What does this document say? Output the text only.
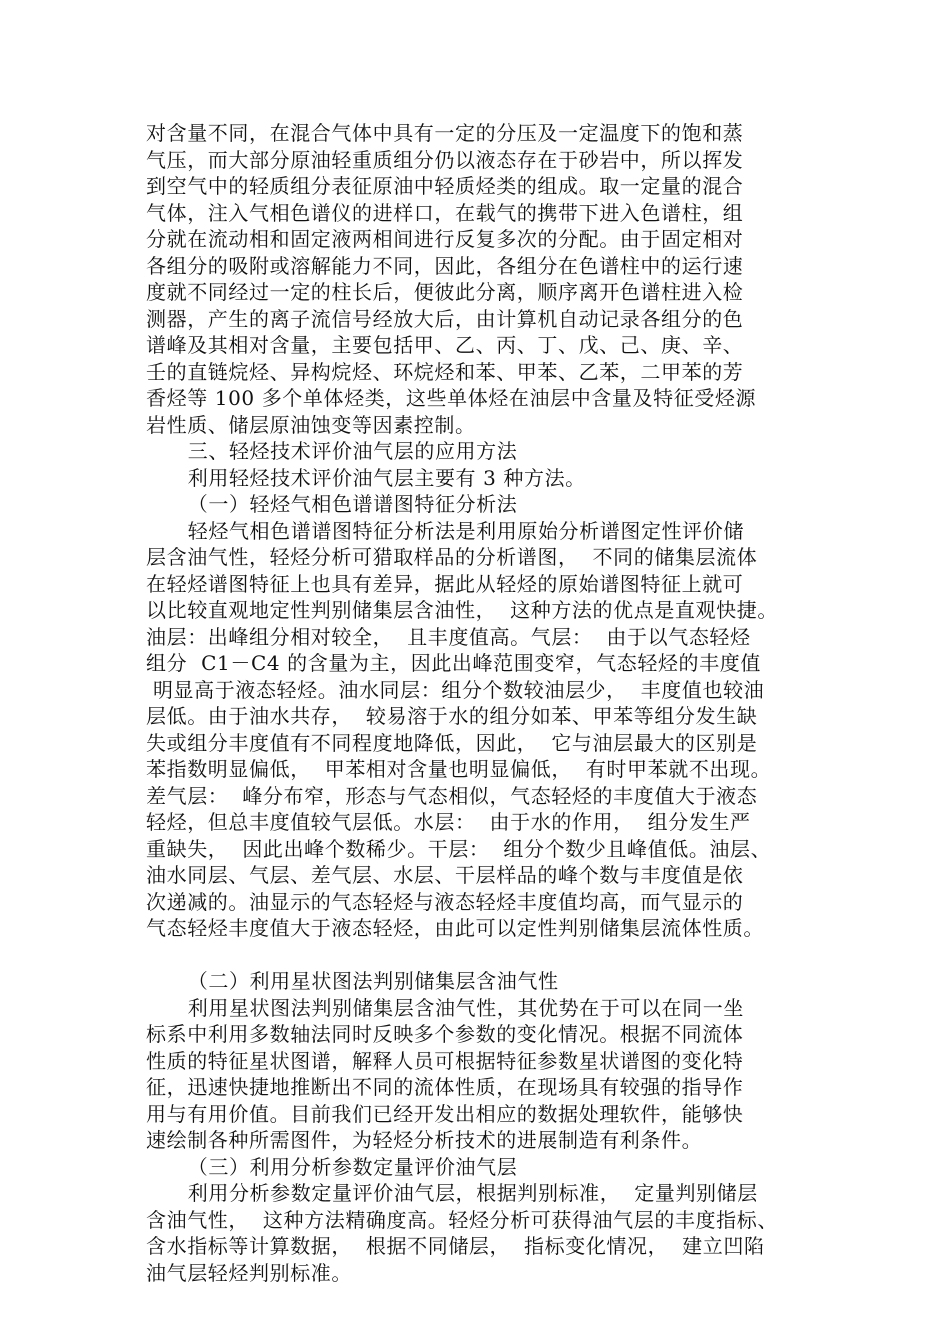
对含量不同，在混合气体中具有一定的分压及一定温度下的饱和蒸
气压，而大部分原油轻重质组分仍以液态存在于砂岩中，所以挥发
到空气中的轻质组分表征原油中轻质烃类的组成。取一定量的混合
气体，注入气相色谱仪的进样口，在载气的携带下进入色谱柱，组
分就在流动相和固定液两相间进行反复多次的分配。由于固定相对
各组分的吸附或溶解能力不同，因此，各组分在色谱柱中的运行速
度就不同经过一定的柱长后，便彼此分离，顺序离开色谱柱进入检
测器，产生的离子流信号经放大后，由计算机自动记录各组分的色
谱峰及其相对含量，主要包括甲、乙、丙、丁、戊、己、庚、辛、
壬的直链烷烃、异构烷烃、环烷烃和苯、甲苯、乙苯，二甲苯的芳
香烃等 100 多个单体烃类，这些单体烃在油层中含量及特征受烃源
岩性质、储层原油蚀变等因素控制。
三、轻烃技术评价油气层的应用方法
利用轻烃技术评价油气层主要有 3 种方法。
（一）轻烃气相色谱谱图特征分析法
轻烃气相色谱谱图特征分析法是利用原始分析谱图定性评价储
层含油气性，轻烃分析可猎取样品的分析谱图，  不同的储集层流体
在轻烃谱图特征上也具有差异，据此从轻烃的原始谱图特征上就可
以比较直观地定性判别储集层含油性，  这种方法的优点是直观快捷。
油层：出峰组分相对较全，  且丰度值高。气层：  由于以气态轻烃
组分  C1－C4 的含量为主，因此出峰范围变窄，气态轻烃的丰度值
明显高于液态轻烃。油水同层：组分个数较油层少，  丰度值也较油
层低。由于油水共存，  较易溶于水的组分如苯、甲苯等组分发生缺
失或组分丰度值有不同程度地降低，因此，  它与油层最大的区别是
苯指数明显偏低，  甲苯相对含量也明显偏低，  有时甲苯就不出现。
差气层：  峰分布窄，形态与气态相似，气态轻烃的丰度值大于液态
轻烃，但总丰度值较气层低。水层：  由于水的作用，  组分发生严
重缺失，  因此出峰个数稀少。干层：  组分个数少且峰值低。油层、
油水同层、气层、差气层、水层、干层样品的峰个数与丰度值是依
次递减的。油显示的气态轻烃与液态轻烃丰度值均高，而气显示的
气态轻烃丰度值大于液态轻烃，由此可以定性判别储集层流体性质。
（二）利用星状图法判别储集层含油气性
利用星状图法判别储集层含油气性，其优势在于可以在同一坐
标系中利用多数轴法同时反映多个参数的变化情况。根据不同流体
性质的特征星状图谱，解释人员可根据特征参数星状谱图的变化特
征，迅速快捷地推断出不同的流体性质，在现场具有较强的指导作
用与有用价值。目前我们已经开发出相应的数据处理软件，能够快
速绘制各种所需图件，为轻烃分析技术的进展制造有利条件。
（三）利用分析参数定量评价油气层
利用分析参数定量评价油气层，根据判别标准，  定量判别储层
含油气性，  这种方法精确度高。轻烃分析可获得油气层的丰度指标、
含水指标等计算数据，  根据不同储层，  指标变化情况，  建立凹陷
油气层轻烃判别标准。
